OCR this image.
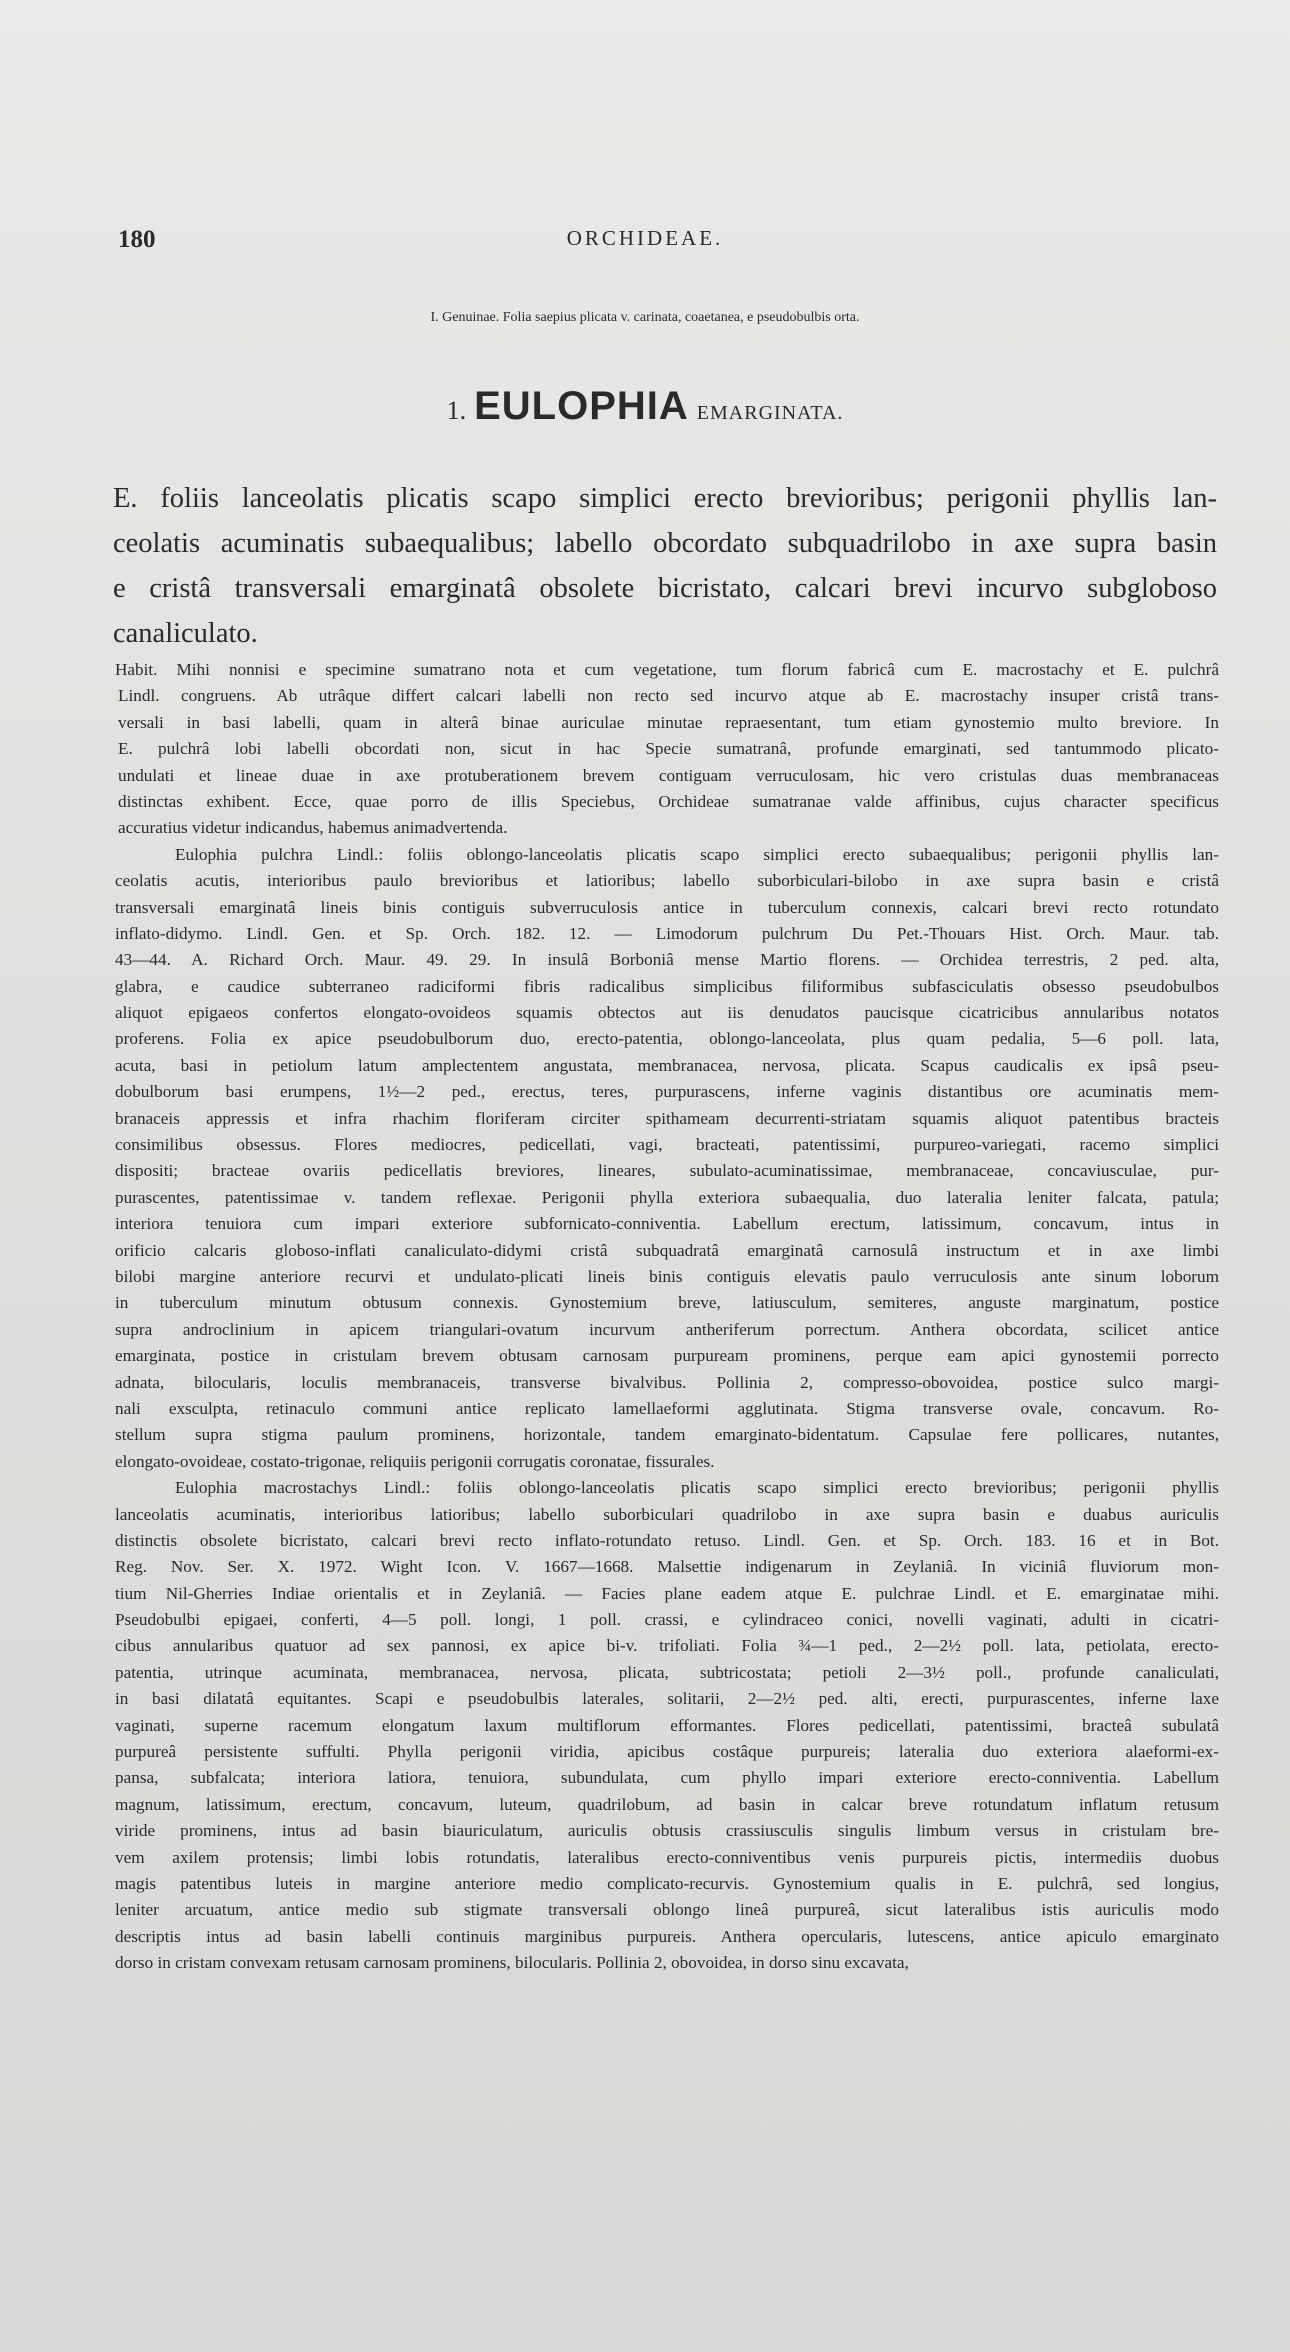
180	ORCHIDEAE.
I. Genuinae. Folia saepius plicata v. carinata, coaetanea, e pseudobulbis orta.
1. EULOPHIA EMARGINATA.
E. foliis lanceolatis plicatis scapo simplici erecto brevioribus; perigonii phyllis lan-
ceolatis acuminatis subaequalibus; labello obcordato subquadrilobo in axe supra basin
e cristâ transversali emarginatâ obsolete bicristato, calcari brevi incurvo subgloboso
canaliculato.
Habit. Mihi nonnisi e specimine sumatrano nota et cum vegetatione, tum florum fabricâ cum E. macrostachy et E. pulchrâ
Lindl. congruens. Ab utrâque differt calcari labelli non recto sed incurvo atque ab E. macrostachy insuper cristâ trans-
versali in basi labelli, quam in alterâ binae auriculae minutae repraesentant, tum etiam gynostemio multo breviore. In
E. pulchrâ lobi labelli obcordati non, sicut in hac Specie sumatranâ, profunde emarginati, sed tantummodo plicato-
undulati et lineae duae in axe protuberationem brevem contiguam verruculosam, hic vero cristulas duas membranaceas
distinctas exhibent. Ecce, quae porro de illis Speciebus, Orchideae sumatranae valde affinibus, cujus character specificus
accuratius videtur indicandus, habemus animadvertenda.
Eulophia pulchra Lindl.: foliis oblongo-lanceolatis plicatis scapo simplici erecto subaequalibus; perigonii phyllis lan-
ceolatis acutis, interioribus paulo brevioribus et latioribus; labello suborbiculari-bilobo in axe supra basin e cristâ
transversali emarginatâ lineis binis contiguis subverruculosis antice in tuberculum connexis, calcari brevi recto rotundato
inflato-didymo. Lindl. Gen. et Sp. Orch. 182. 12. — Limodorum pulchrum Du Pet.-Thouars Hist. Orch. Maur. tab.
43—44. A. Richard Orch. Maur. 49. 29. In insulâ Borboniâ mense Martio florens. — Orchidea terrestris, 2 ped. alta,
glabra, e caudice subterraneo radiciformi fibris radicalibus simplicibus filiformibus subfasciculatis obsesso pseudobulbos
aliquot epigaeos confertos elongato-ovoideos squamis obtectos aut iis denudatos paucisque cicatricibus annularibus notatos
proferens. Folia ex apice pseudobulborum duo, erecto-patentia, oblongo-lanceolata, plus quam pedalia, 5—6 poll. lata,
acuta, basi in petiolum latum amplectentem angustata, membranacea, nervosa, plicata. Scapus caudicalis ex ipsâ pseu-
dobulborum basi erumpens, 1½—2 ped., erectus, teres, purpurascens, inferne vaginis distantibus ore acuminatis mem-
branaceis appressis et infra rhachim floriferam circiter spithameam decurrenti-striatam squamis aliquot patentibus bracteis
consimilibus obsessus. Flores mediocres, pedicellati, vagi, bracteati, patentissimi, purpureo-variegati, racemo simplici
dispositi; bracteae ovariis pedicellatis breviores, lineares, subulato-acuminatissimae, membranaceae, concaviusculae, pur-
purascentes, patentissimae v. tandem reflexae. Perigonii phylla exteriora subaequalia, duo lateralia leniter falcata, patula;
interiora tenuiora cum impari exteriore subfornicato-conniventia. Labellum erectum, latissimum, concavum, intus in
orificio calcaris globoso-inflati canaliculato-didymi cristâ subquadratâ emarginatâ carnosulâ instructum et in axe limbi
bilobi margine anteriore recurvi et undulato-plicati lineis binis contiguis elevatis paulo verruculosis ante sinum loborum
in tuberculum minutum obtusum connexis. Gynostemium breve, latiusculum, semiteres, anguste marginatum, postice
supra androclinium in apicem triangulari-ovatum incurvum antheriferum porrectum. Anthera obcordata, scilicet antice
emarginata, postice in cristulam brevem obtusam carnosam purpuream prominens, perque eam apici gynostemii porrecto
adnata, bilocularis, loculis membranaceis, transverse bivalvibus. Pollinia 2, compresso-obovoidea, postice sulco margi-
nali exsculpta, retinaculo communi antice replicato lamellaeformi agglutinata. Stigma transverse ovale, concavum. Ro-
stellum supra stigma paulum prominens, horizontale, tandem emarginato-bidentatum. Capsulae fere pollicares, nutantes,
elongato-ovoideae, costato-trigonae, reliquiis perigonii corrugatis coronatae, fissurales.
Eulophia macrostachys Lindl.: foliis oblongo-lanceolatis plicatis scapo simplici erecto brevioribus; perigonii phyllis
lanceolatis acuminatis, interioribus latioribus; labello suborbiculari quadrilobo in axe supra basin e duabus auriculis
distinctis obsolete bicristato, calcari brevi recto inflato-rotundato retuso. Lindl. Gen. et Sp. Orch. 183. 16 et in Bot.
Reg. Nov. Ser. X. 1972. Wight Icon. V. 1667—1668. Malsettie indigenarum in Zeylaniâ. In viciniâ fluviorum mon-
tium Nil-Gherries Indiae orientalis et in Zeylaniâ. — Facies plane eadem atque E. pulchrae Lindl. et E. emarginatae mihi.
Pseudobulbi epigaei, conferti, 4—5 poll. longi, 1 poll. crassi, e cylindraceo conici, novelli vaginati, adulti in cicatri-
cibus annularibus quatuor ad sex pannosi, ex apice bi-v. trifoliati. Folia ¾—1 ped., 2—2½ poll. lata, petiolata, erecto-
patentia, utrinque acuminata, membranacea, nervosa, plicata, subtricostata; petioli 2—3½ poll., profunde canaliculati,
in basi dilatatâ equitantes. Scapi e pseudobulbis laterales, solitarii, 2—2½ ped. alti, erecti, purpurascentes, inferne laxe
vaginati, superne racemum elongatum laxum multiflorum efformantes. Flores pedicellati, patentissimi, bracteâ subulatâ
purpureâ persistente suffulti. Phylla perigonii viridia, apicibus costâque purpureis; lateralia duo exteriora alaeformi-ex-
pansa, subfalcata; interiora latiora, tenuiora, subundulata, cum phyllo impari exteriore erecto-conniventia. Labellum
magnum, latissimum, erectum, concavum, luteum, quadrilobum, ad basin in calcar breve rotundatum inflatum retusum
viride prominens, intus ad basin biauriculatum, auriculis obtusis crassiusculis singulis limbum versus in cristulam bre-
vem axilem protensis; limbi lobis rotundatis, lateralibus erecto-conniventibus venis purpureis pictis, intermediis duobus
magis patentibus luteis in margine anteriore medio complicato-recurvis. Gynostemium qualis in E. pulchrâ, sed longius,
leniter arcuatum, antice medio sub stigmate transversali oblongo lineâ purpureâ, sicut lateralibus istis auriculis modo
descriptis intus ad basin labelli continuis marginibus purpureis. Anthera opercularis, lutescens, antice apiculo emarginato
dorso in cristam convexam retusam carnosam prominens, bilocularis. Pollinia 2, obovoidea, in dorso sinu excavata,
